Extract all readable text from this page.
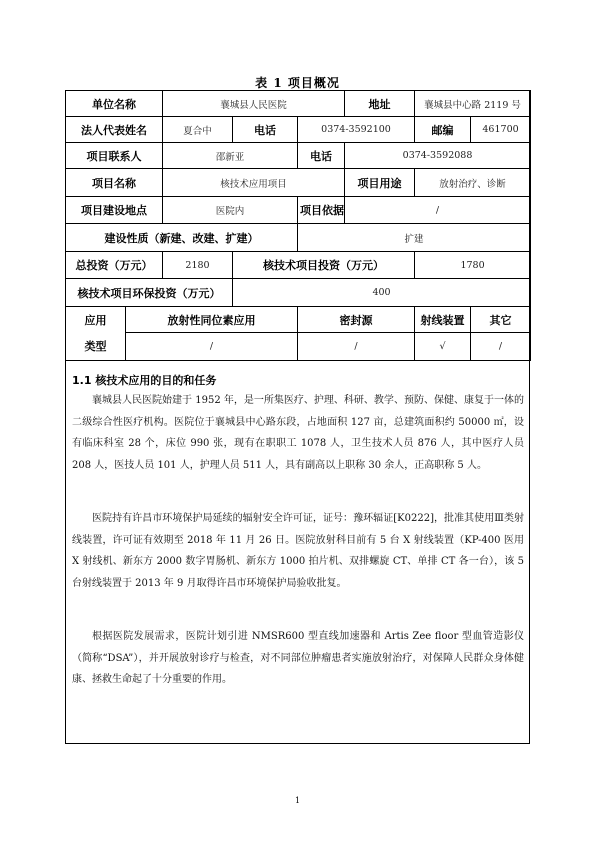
表 1 项目概况
单位名称		襄城县人民医院			地址	襄城县中心路 2119 号	
法人代表姓名		夏合中	电话	0374-3592100		邮编	461700
项目联系人		邵新亚		电话	0374-3592088		
项目名称		核技术应用项目			项目用途	放射治疗、诊断	
项目建设地点		医院内		项目依据	/		
建设性质（新建、改建、扩建）				扩建			
总投资（万元）		2180	核技术项目投资（万元）			1780	
核技术项目环保投资（万元）			400				

应用
类型	放射性同位素应用			密封源		射线装置	其它
	/			/		√	/
1.1 核技术应用的目的和任务
襄城县人民医院始建于 1952 年，是一所集医疗、护理、科研、教学、预防、保健、康复于一体的二级综合性医疗机构。医院位于襄城县中心路东段，占地面积 127 亩，总建筑面积约 50000 ㎡，设有临床科室 28 个，床位 990 张，现有在职职工 1078 人，卫生技术人员 876 人，其中医疗人员 208 人，医技人员 101 人，护理人员 511 人，具有副高以上职称 30 余人，正高职称 5 人。
医院持有许昌市环境保护局延续的辐射安全许可证，证号：豫环辐证[K0222]，批准其使用Ⅲ类射线装置，许可证有效期至 2018 年 11 月 26 日。医院放射科目前有 5 台 X 射线装置（KP-400 医用 X 射线机、新东方 2000 数字胃肠机、新东方 1000 拍片机、双排螺旋 CT、单排 CT 各一台），该 5 台射线装置于 2013 年 9 月取得许昌市环境保护局验收批复。
根据医院发展需求，医院计划引进 NMSR600 型直线加速器和 Artis Zee floor 型血管造影仪（简称“DSA”），并开展放射诊疗与检查，对不同部位肿瘤患者实施放射治疗，对保障人民群众身体健康、拯救生命起了十分重要的作用。
1
